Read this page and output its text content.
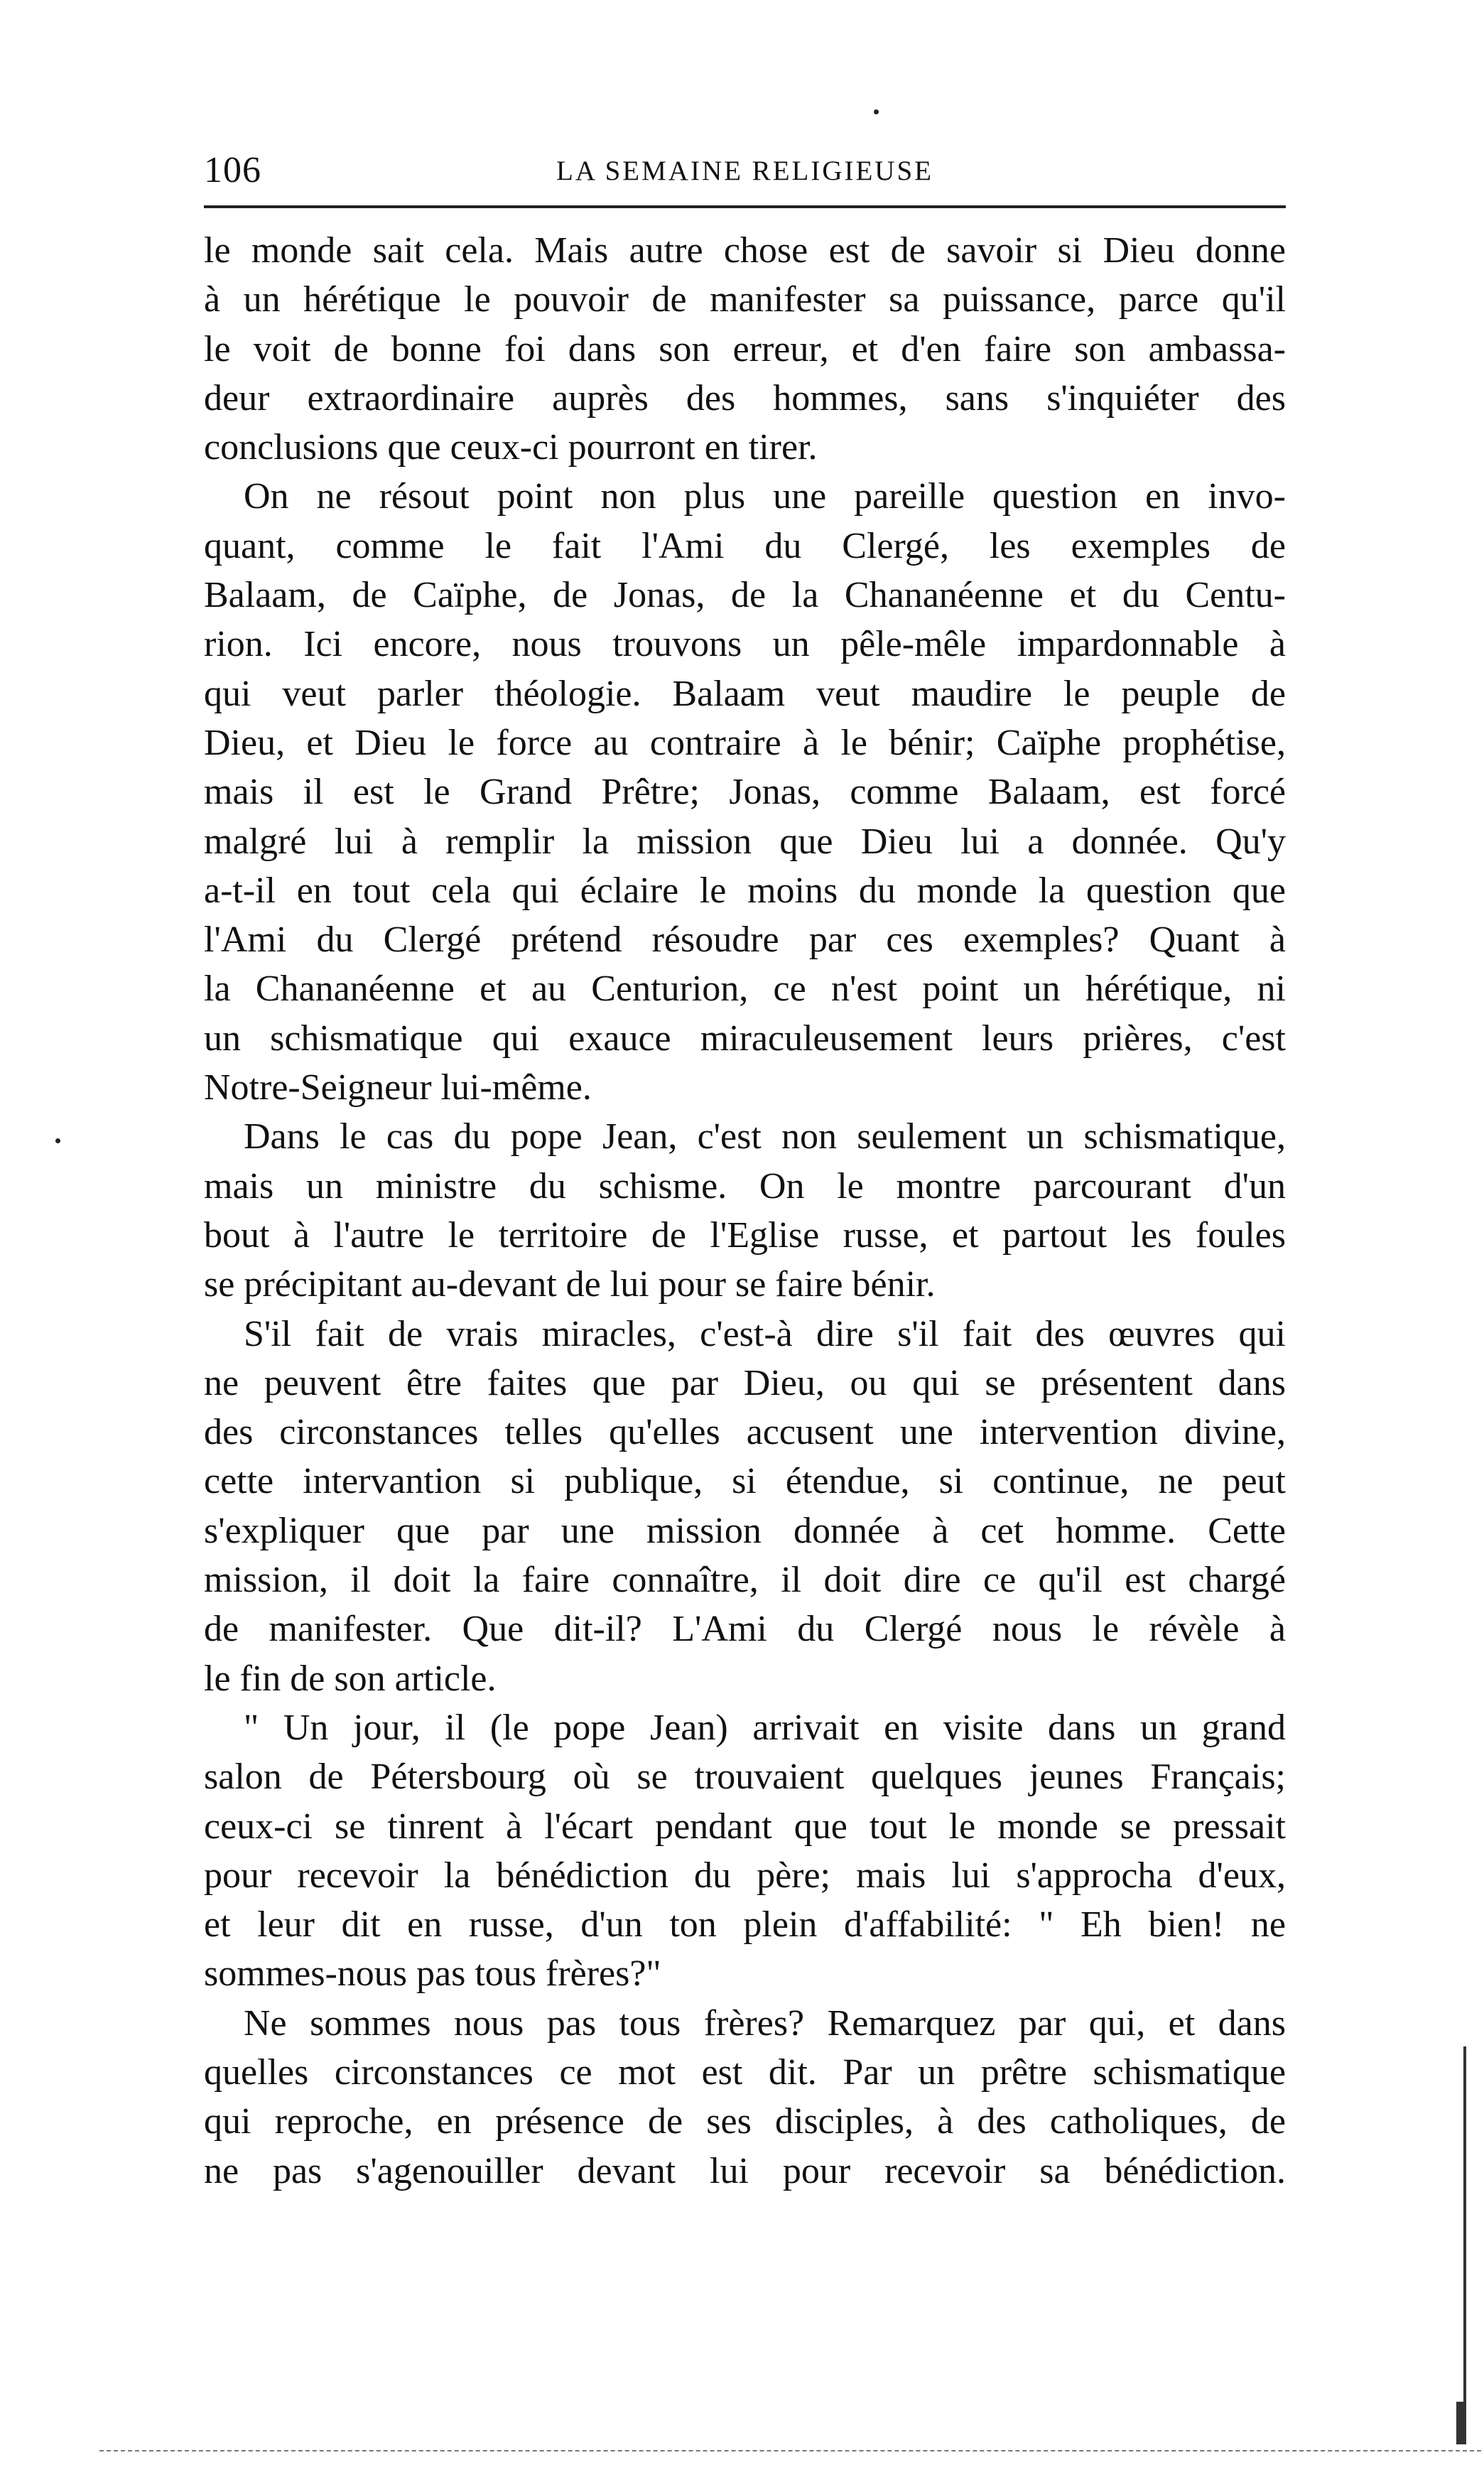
106	LA SEMAINE RELIGIEUSE
le monde sait cela. Mais autre chose est de savoir si Dieu donne
à un hérétique le pouvoir de manifester sa puissance, parce qu'il
le voit de bonne foi dans son erreur, et d'en faire son ambassa-
deur extraordinaire auprès des hommes, sans s'inquiéter des
conclusions que ceux-ci pourront en tirer.
On ne résout point non plus une pareille question en invo-
quant, comme le fait l'Ami du Clergé, les exemples de
Balaam, de Caïphe, de Jonas, de la Chananéenne et du Centu-
rion. Ici encore, nous trouvons un pêle-mêle impardonnable à
qui veut parler théologie. Balaam veut maudire le peuple de
Dieu, et Dieu le force au contraire à le bénir; Caïphe prophétise,
mais il est le Grand Prêtre; Jonas, comme Balaam, est forcé
malgré lui à remplir la mission que Dieu lui a donnée. Qu'y
a-t-il en tout cela qui éclaire le moins du monde la question que
l'Ami du Clergé prétend résoudre par ces exemples? Quant à
la Chananéenne et au Centurion, ce n'est point un hérétique, ni
un schismatique qui exauce miraculeusement leurs prières, c'est
Notre-Seigneur lui-même.
Dans le cas du pope Jean, c'est non seulement un schismatique,
mais un ministre du schisme. On le montre parcourant d'un
bout à l'autre le territoire de l'Eglise russe, et partout les foules
se précipitant au-devant de lui pour se faire bénir.
S'il fait de vrais miracles, c'est-à dire s'il fait des œuvres qui
ne peuvent être faites que par Dieu, ou qui se présentent dans
des circonstances telles qu'elles accusent une intervention divine,
cette intervantion si publique, si étendue, si continue, ne peut
s'expliquer que par une mission donnée à cet homme. Cette
mission, il doit la faire connaître, il doit dire ce qu'il est chargé
de manifester. Que dit-il? L'Ami du Clergé nous le révèle à
le fin de son article.
" Un jour, il (le pope Jean) arrivait en visite dans un grand
salon de Pétersbourg où se trouvaient quelques jeunes Français;
ceux-ci se tinrent à l'écart pendant que tout le monde se pressait
pour recevoir la bénédiction du père; mais lui s'approcha d'eux,
et leur dit en russe, d'un ton plein d'affabilité: " Eh bien! ne
sommes-nous pas tous frères?"
Ne sommes nous pas tous frères? Remarquez par qui, et dans
quelles circonstances ce mot est dit. Par un prêtre schismatique
qui reproche, en présence de ses disciples, à des catholiques, de
ne pas s'agenouiller devant lui pour recevoir sa bénédiction.
